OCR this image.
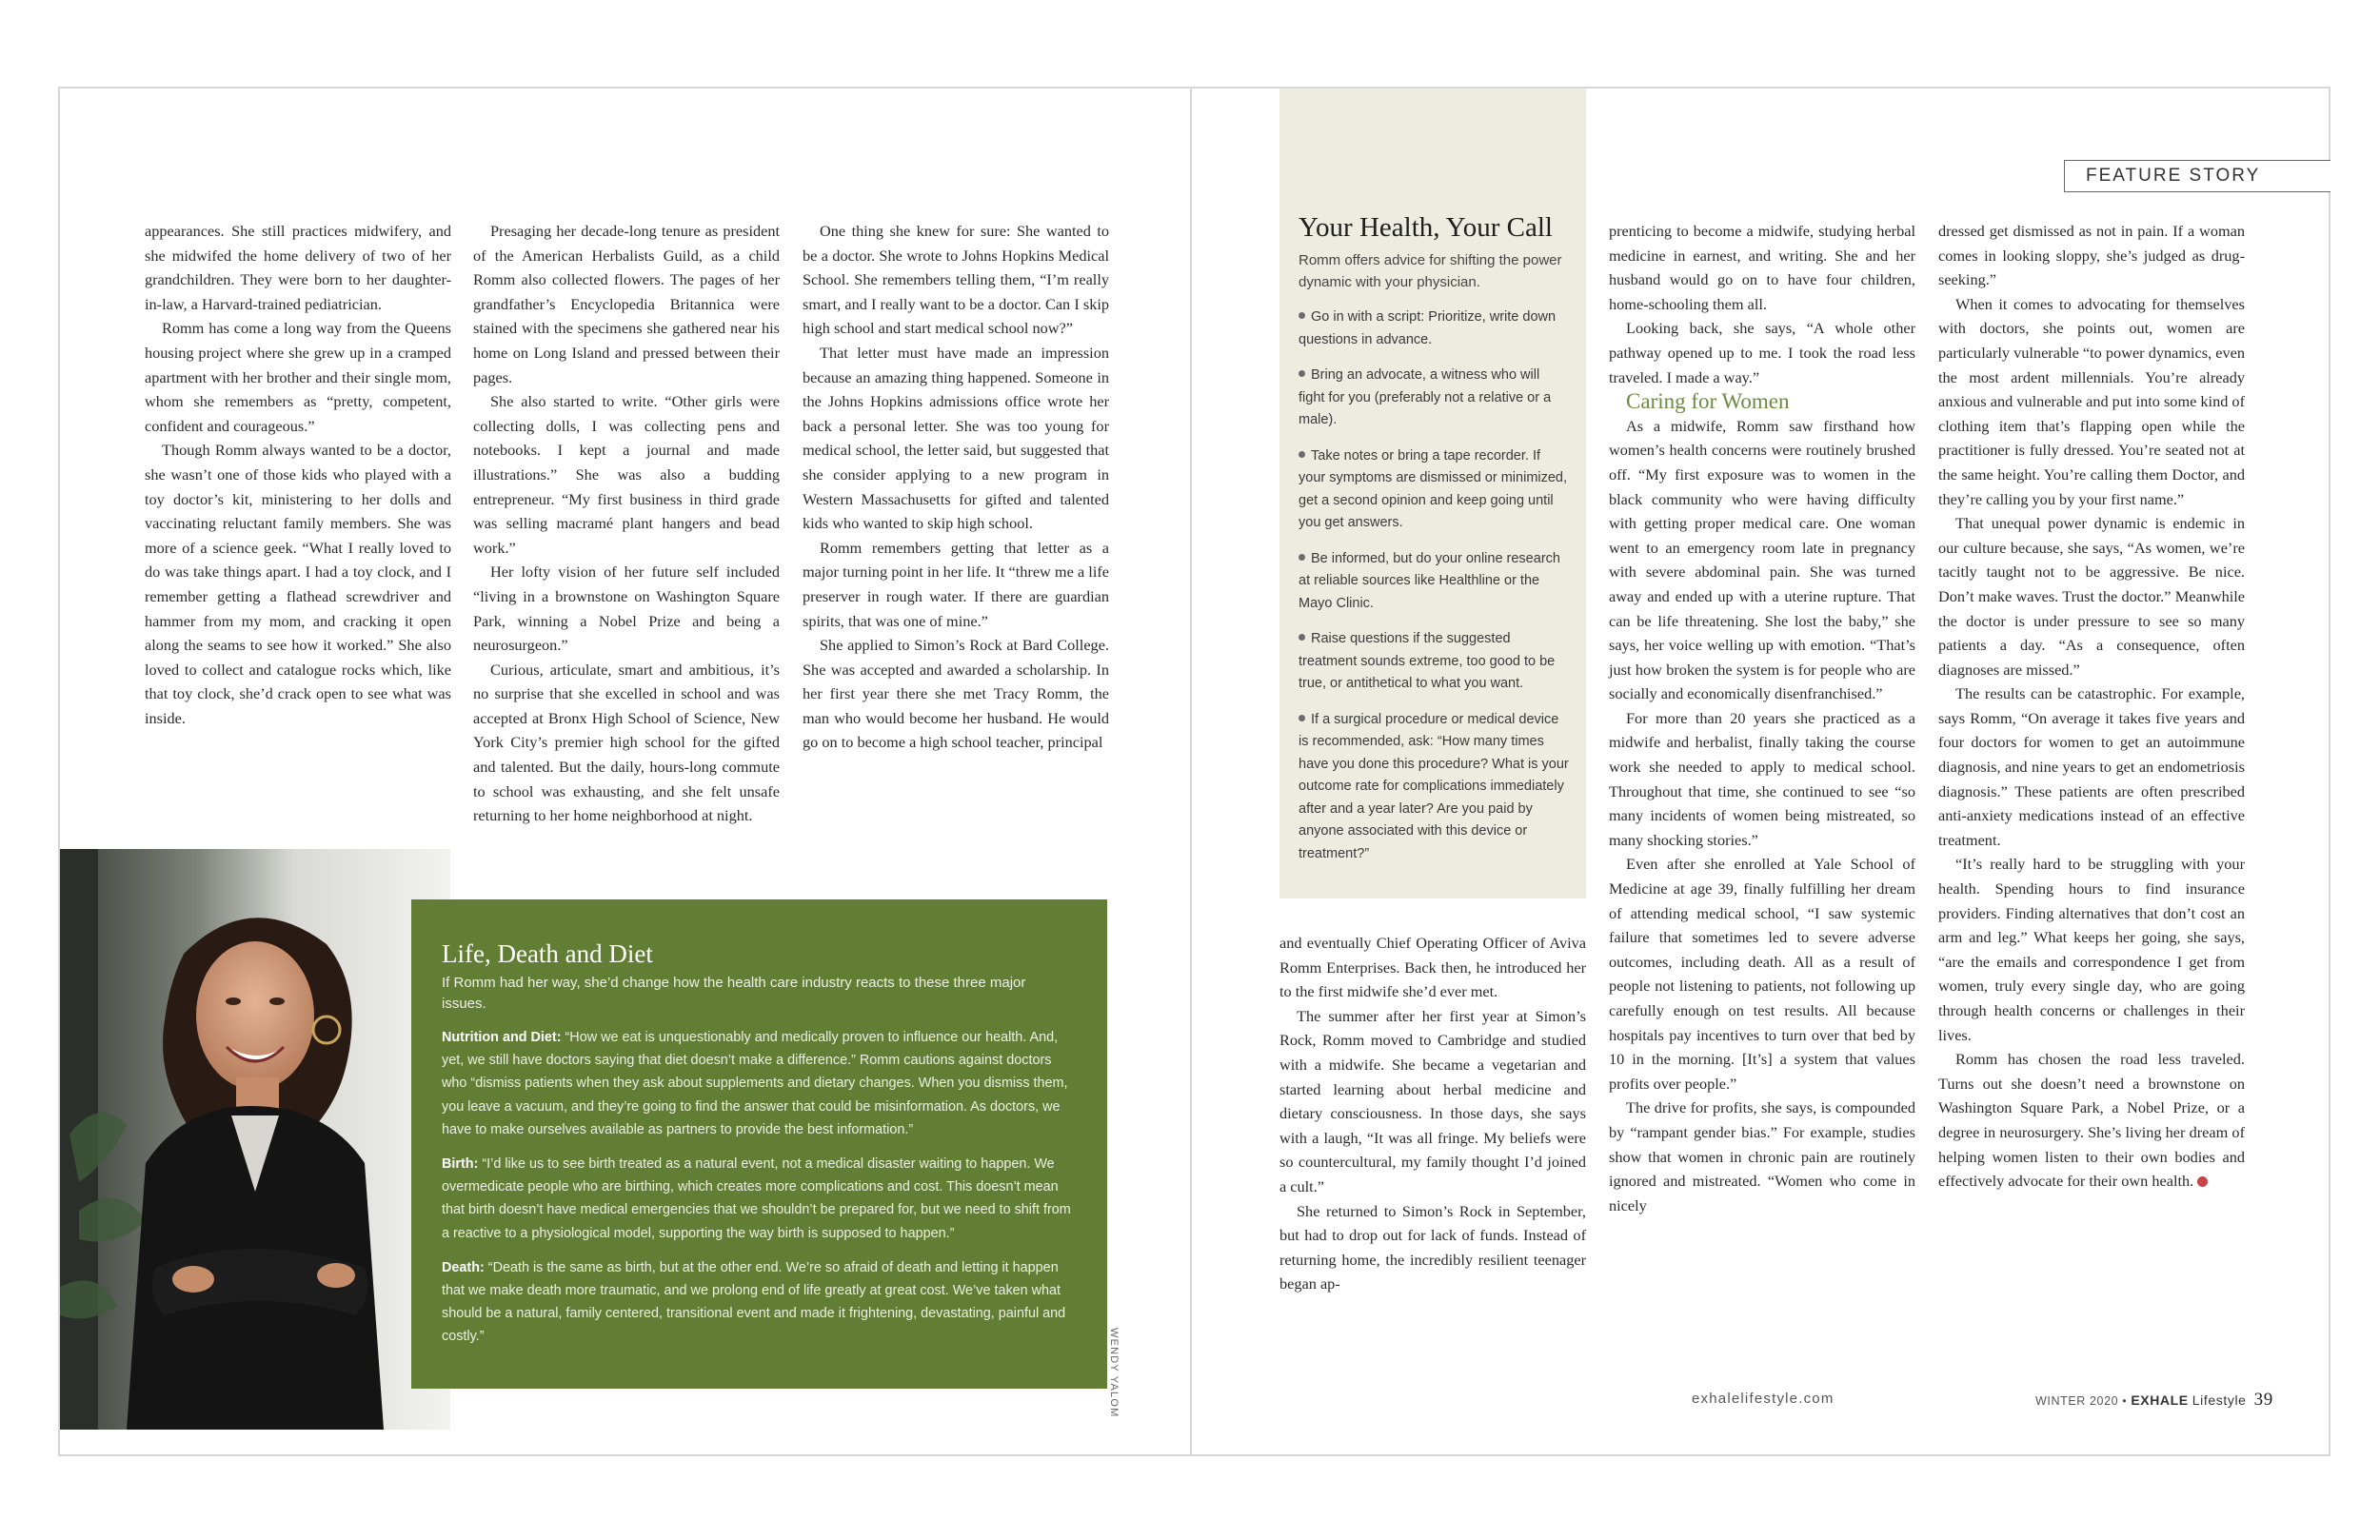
appearances. She still practices midwifery, and she midwifed the home delivery of two of her grandchildren. They were born to her daughter-in-law, a Harvard-trained pediatrician.

Romm has come a long way from the Queens housing project where she grew up in a cramped apartment with her brother and their single mom, whom she remembers as “pretty, competent, confident and courageous.”

Though Romm always wanted to be a doctor, she wasn’t one of those kids who played with a toy doctor’s kit, ministering to her dolls and vaccinating reluctant family members. She was more of a science geek. “What I really loved to do was take things apart. I had a toy clock, and I remember getting a flathead screwdriver and hammer from my mom, and cracking it open along the seams to see how it worked.” She also loved to collect and catalogue rocks which, like that toy clock, she’d crack open to see what was inside.

Presaging her decade-long tenure as president of the American Herbalists Guild, as a child Romm also collected flowers. The pages of her grandfather’s Encyclopedia Britannica were stained with the specimens she gathered near his home on Long Island and pressed between their pages.

She also started to write. “Other girls were collecting dolls, I was collecting pens and notebooks. I kept a journal and made illustrations.” She was also a budding entrepreneur. “My first business in third grade was selling macramé plant hangers and bead work.”

Her lofty vision of her future self included “living in a brownstone on Washington Square Park, winning a Nobel Prize and being a neurosurgeon.”

Curious, articulate, smart and ambitious, it’s no surprise that she excelled in school and was accepted at Bronx High School of Science, New York City’s premier high school for the gifted and talented. But the daily, hours-long commute to school was exhausting, and she felt unsafe returning to her home neighborhood at night.

One thing she knew for sure: She wanted to be a doctor. She wrote to Johns Hopkins Medical School. She remembers telling them, “I’m really smart, and I really want to be a doctor. Can I skip high school and start medical school now?”

That letter must have made an impression because an amazing thing happened. Someone in the Johns Hopkins admissions office wrote her back a personal letter. She was too young for medical school, the letter said, but suggested that she consider applying to a new program in Western Massachusetts for gifted and talented kids who wanted to skip high school.

Romm remembers getting that letter as a major turning point in her life. It “threw me a life preserver in rough water. If there are guardian spirits, that was one of mine.”

She applied to Simon’s Rock at Bard College. She was accepted and awarded a scholarship. In her first year there she met Tracy Romm, the man who would become her husband. He would go on to become a high school teacher, principal

Life, Death and Diet

If Romm had her way, she’d change how the health care industry reacts to these three major issues.

Nutrition and Diet: “How we eat is unquestionably and medically proven to influence our health. And, yet, we still have doctors saying that diet doesn’t make a difference.” Romm cautions against doctors who “dismiss patients when they ask about supplements and dietary changes. When you dismiss them, you leave a vacuum, and they’re going to find the answer that could be misinformation. As doctors, we have to make ourselves available as partners to provide the best information.”

Birth: “I’d like us to see birth treated as a natural event, not a medical disaster waiting to happen. We overmedicate people who are birthing, which creates more complications and cost. This doesn’t mean that birth doesn’t have medical emergencies that we shouldn’t be prepared for, but we need to shift from a reactive to a physiological model, supporting the way birth is supposed to happen.”

Death: “Death is the same as birth, but at the other end. We’re so afraid of death and letting it happen that we make death more traumatic, and we prolong end of life greatly at great cost. We’ve taken what should be a natural, family centered, transitional event and made it frightening, devastating, painful and costly.”	WENDY YALOM
FEATURE STORY
Your Health, Your Call

Romm offers advice for shifting the power dynamic with your physician.

Go in with a script: Prioritize, write down questions in advance.
Bring an advocate, a witness who will fight for you (preferably not a relative or a male).
Take notes or bring a tape recorder. If your symptoms are dismissed or minimized, get a second opinion and keep going until you get answers.
Be informed, but do your online research at reliable sources like Healthline or the Mayo Clinic.
Raise questions if the suggested treatment sounds extreme, too good to be true, or antithetical to what you want.
If a surgical procedure or medical device is recommended, ask: “How many times have you done this procedure? What is your outcome rate for complications immediately after and a year later? Are you paid by anyone associated with this device or treatment?”

and eventually Chief Operating Officer of Aviva Romm Enterprises. Back then, he introduced her to the first midwife she’d ever met.

The summer after her first year at Simon’s Rock, Romm moved to Cambridge and studied with a midwife. She became a vegetarian and started learning about herbal medicine and dietary consciousness. In those days, she says with a laugh, “It was all fringe. My beliefs were so countercultural, my family thought I’d joined a cult.”

She returned to Simon’s Rock in September, but had to drop out for lack of funds. Instead of returning home, the incredibly resilient teenager began ap-

prenticing to become a midwife, studying herbal medicine in earnest, and writing. She and her husband would go on to have four children, home-schooling them all.

Looking back, she says, “A whole other pathway opened up to me. I took the road less traveled. I made a way.”

Caring for Women

As a midwife, Romm saw firsthand how women’s health concerns were routinely brushed off. “My first exposure was to women in the black community who were having difficulty with getting proper medical care. One woman went to an emergency room late in pregnancy with severe abdominal pain. She was turned away and ended up with a uterine rupture. That can be life threatening. She lost the baby,” she says, her voice welling up with emotion. “That’s just how broken the system is for people who are socially and economically disenfranchised.”

For more than 20 years she practiced as a midwife and herbalist, finally taking the course work she needed to apply to medical school. Throughout that time, she continued to see “so many incidents of women being mistreated, so many shocking stories.”

Even after she enrolled at Yale School of Medicine at age 39, finally fulfilling her dream of attending medical school, “I saw systemic failure that sometimes led to severe adverse outcomes, including death. All as a result of people not listening to patients, not following up carefully enough on test results. All because hospitals pay incentives to turn over that bed by 10 in the morning. [It’s] a system that values profits over people.”

The drive for profits, she says, is compounded by “rampant gender bias.” For example, studies show that women in chronic pain are routinely ignored and mistreated. “Women who come in nicely

dressed get dismissed as not in pain. If a woman comes in looking sloppy, she’s judged as drug-seeking.”

When it comes to advocating for themselves with doctors, she points out, women are particularly vulnerable “to power dynamics, even the most ardent millennials. You’re already anxious and vulnerable and put into some kind of clothing item that’s flapping open while the practitioner is fully dressed. You’re seated not at the same height. You’re calling them Doctor, and they’re calling you by your first name.”

That unequal power dynamic is endemic in our culture because, she says, “As women, we’re tacitly taught not to be aggressive. Be nice. Don’t make waves. Trust the doctor.” Meanwhile the doctor is under pressure to see so many patients a day. “As a consequence, often diagnoses are missed.”

The results can be catastrophic. For example, says Romm, “On average it takes five years and four doctors for women to get an autoimmune diagnosis, and nine years to get an endometriosis diagnosis.” These patients are often prescribed anti-anxiety medications instead of an effective treatment.

“It’s really hard to be struggling with your health. Spending hours to find insurance providers. Finding alternatives that don’t cost an arm and leg.” What keeps her going, she says, “are the emails and correspondence I get from women, truly every single day, who are going through health concerns or challenges in their lives.

Romm has chosen the road less traveled. Turns out she doesn’t need a brownstone on Washington Square Park, a Nobel Prize, or a degree in neurosurgery. She’s living her dream of helping women listen to their own bodies and effectively advocate for their own health.

exhalelifestyle.com	WINTER 2020 • EXHALE Lifestyle 39
